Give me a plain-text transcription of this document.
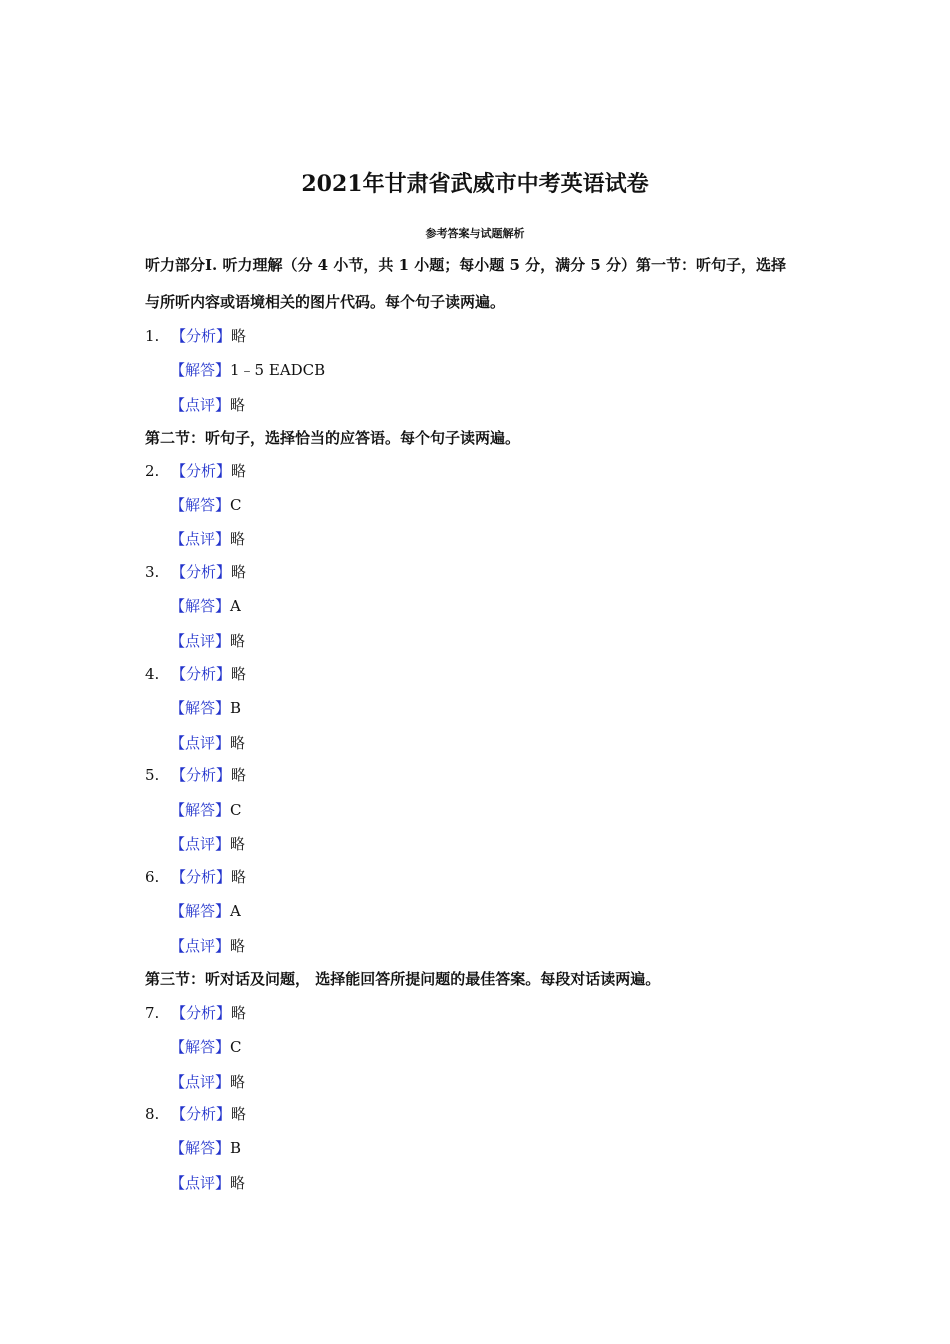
2021年甘肃省武威市中考英语试卷
参考答案与试题解析
听力部分Ⅰ. 听力理解（分 4 小节，共 1 小题；每小题 5 分，满分 5 分）第一节：听句子，选择
与所听内容或语境相关的图片代码。每个句子读两遍。
1. 【分析】略
【解答】1﹣5 EADCB
【点评】略
第二节：听句子，选择恰当的应答语。每个句子读两遍。
2. 【分析】略
【解答】C
【点评】略
3. 【分析】略
【解答】A
【点评】略
4. 【分析】略
【解答】B
【点评】略
5. 【分析】略
【解答】C
【点评】略
6. 【分析】略
【解答】A
【点评】略
第三节：听对话及问题， 选择能回答所提问题的最佳答案。每段对话读两遍。
7. 【分析】略
【解答】C
【点评】略
8. 【分析】略
【解答】B
【点评】略
